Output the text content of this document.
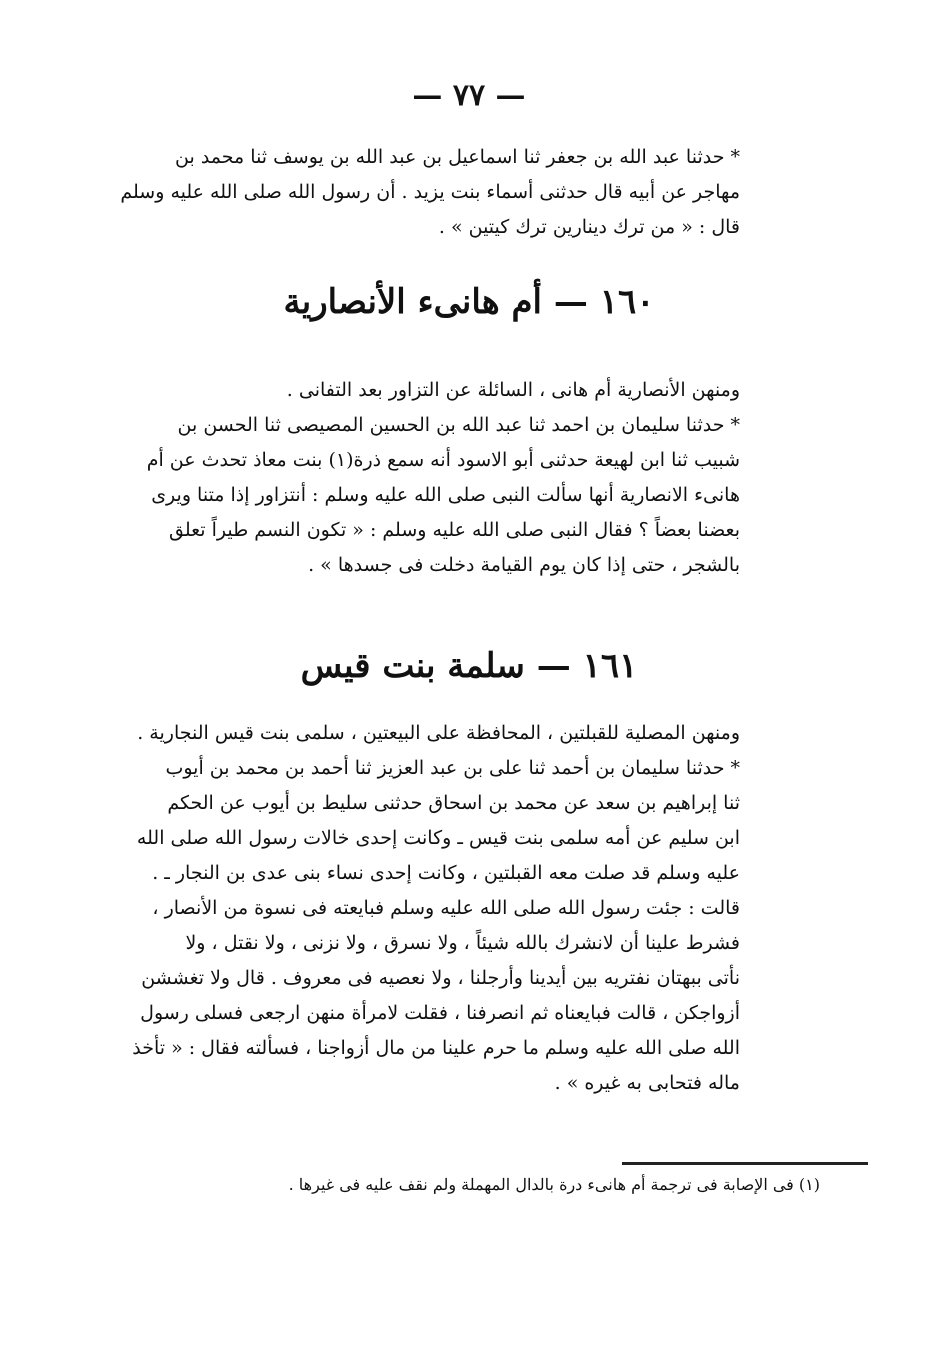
— ٧٧ —
* حدثنا عبد الله بن جعفر ثنا اسماعيل بن عبد الله بن يوسف ثنا محمد بن
مهاجر عن أبيه قال حدثنى أسماء بنت يزيد . أن رسول الله صلى الله عليه وسلم
قال : « من ترك دينارين ترك كيتين » .
١٦٠ — أم هانىء الأنصارية
ومنهن الأنصارية أم هانى ، السائلة عن التزاور بعد التفانى .
* حدثنا سليمان بن احمد ثنا عبد الله بن الحسين المصيصى ثنا الحسن بن
شبيب ثنا ابن لهيعة حدثنى أبو الاسود أنه سمع ذرة(١) بنت معاذ تحدث عن أم
هانىء الانصارية أنها سألت النبى صلى الله عليه وسلم : أنتزاور إذا متنا ويرى
بعضنا بعضاً ؟ فقال النبى صلى الله عليه وسلم : « تكون النسم طيراً تعلق
بالشجر ، حتى إذا كان يوم القيامة دخلت فى جسدها » .
١٦١ — سلمة بنت قيس
ومنهن المصلية للقبلتين ، المحافظة على البيعتين ، سلمى بنت قيس النجارية .
* حدثنا سليمان بن أحمد ثنا على بن عبد العزيز ثنا أحمد بن محمد بن أيوب
ثنا إبراهيم بن سعد عن محمد بن اسحاق حدثنى سليط بن أيوب عن الحكم
ابن سليم عن أمه سلمى بنت قيس ـ وكانت إحدى خالات رسول الله صلى الله
عليه وسلم قد صلت معه القبلتين ، وكانت إحدى نساء بنى عدى بن النجار ـ .
قالت : جئت رسول الله صلى الله عليه وسلم فبايعته فى نسوة من الأنصار ،
فشرط علينا أن لانشرك بالله شيئاً ، ولا نسرق ، ولا نزنى ، ولا نقتل ، ولا
نأتى ببهتان نفتريه بين أيدينا وأرجلنا ، ولا نعصيه فى معروف . قال ولا تغششن
أزواجكن ، قالت فبايعناه ثم انصرفنا ، فقلت لامرأة منهن ارجعى فسلى رسول
الله صلى الله عليه وسلم ما حرم علينا من مال أزواجنا ، فسألته فقال : « تأخذ
ماله فتحابى به غيره » .
(١) فى الإصابة فى ترجمة أم هانىء درة بالدال المهملة ولم نقف عليه فى غيرها .
